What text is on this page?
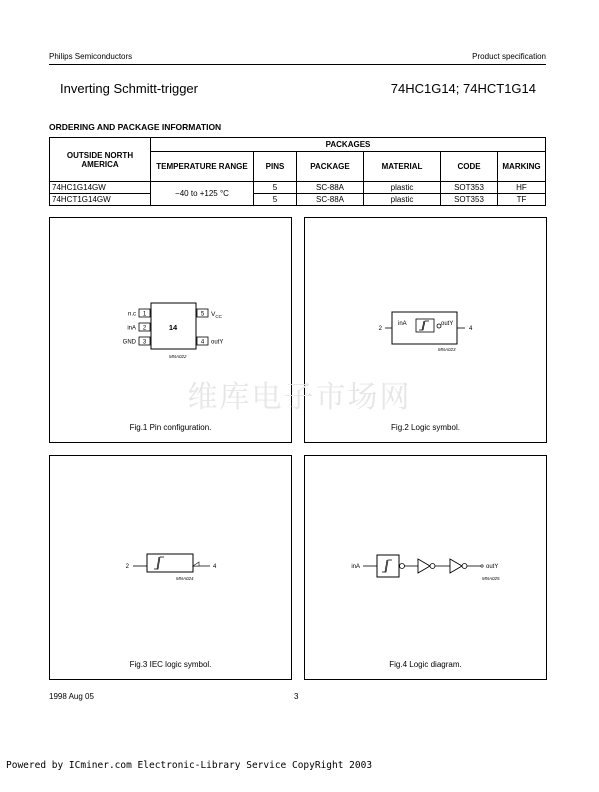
Philips Semiconductors	Product specification
Inverting Schmitt-trigger	74HC1G14; 74HCT1G14
ORDERING AND PACKAGE INFORMATION
OUTSIDE NORTH AMERICA	PACKAGES					
	TEMPERATURE RANGE	PINS	PACKAGE	MATERIAL	CODE	MARKING
74HC1G14GW	−40 to +125 °C	5	SC-88A	plastic	SOT353	HF
74HCT1G14GW		5	SC-88A	plastic	SOT353	TF
14
1
2
3
n.c
inA
GND
5
4
$V_{CC}$
outY
MNA022
Fig.1 Pin configuration.
2	4
inA	outY
MNA023
Fig.2 Logic symbol.
2	4
MNA024
Fig.3 IEC logic symbol.
inA	outY
MNA025
Fig.4 Logic diagram.
维库电子市场网
1998 Aug 05	3
Powered by ICminer.com Electronic-Library Service CopyRight 2003
